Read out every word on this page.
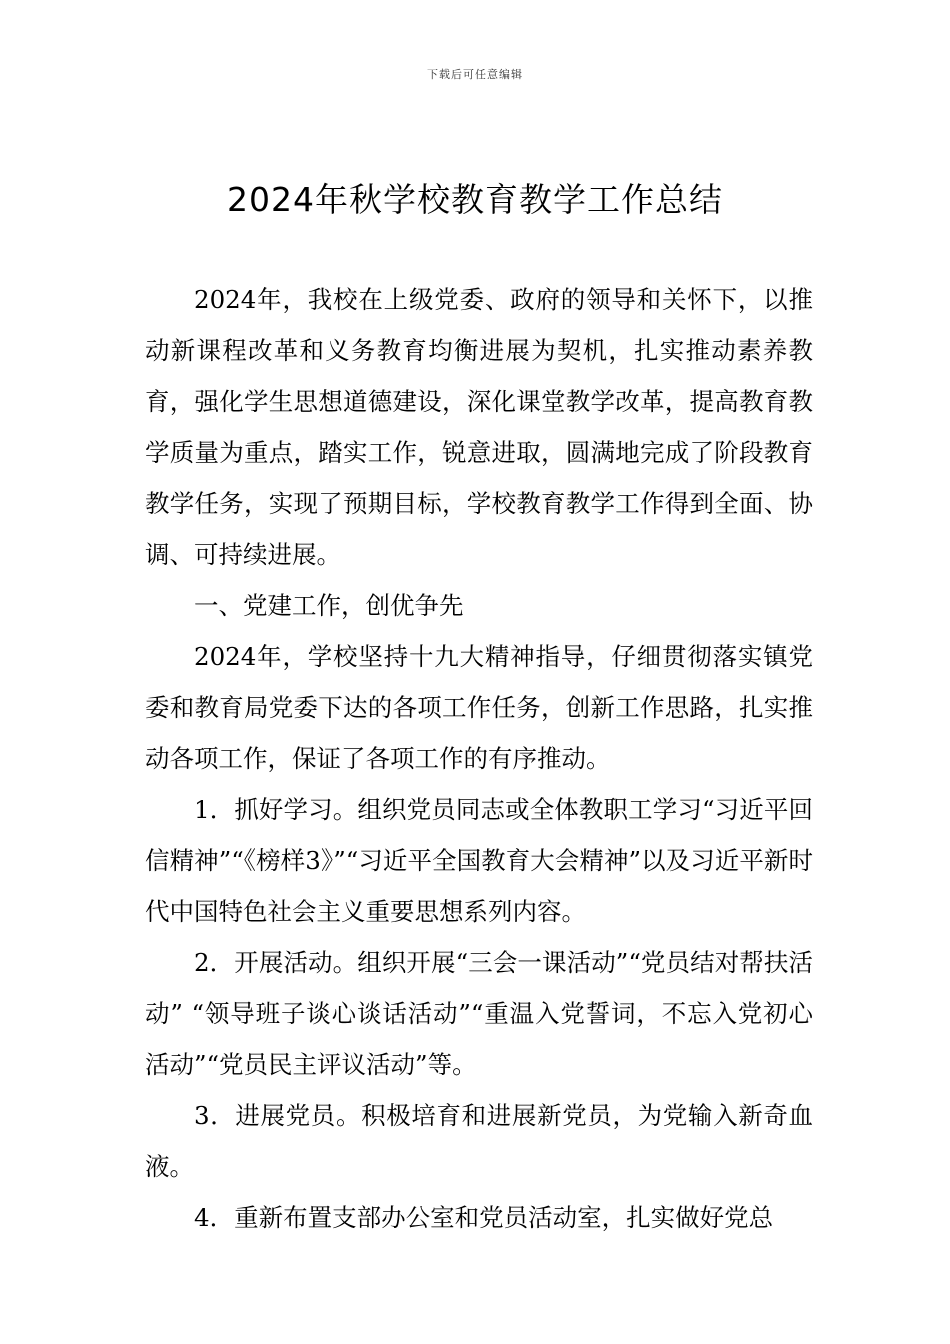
下载后可任意编辑
2024年秋学校教育教学工作总结

2024年，我校在上级党委、政府的领导和关怀下，以推动新课程改革和义务教育均衡进展为契机，扎实推动素养教育，强化学生思想道德建设，深化课堂教学改革，提高教育教学质量为重点，踏实工作，锐意进取，圆满地完成了阶段教育教学任务，实现了预期目标，学校教育教学工作得到全面、协调、可持续进展。

一、党建工作，创优争先

2024年，学校坚持十九大精神指导，仔细贯彻落实镇党委和教育局党委下达的各项工作任务，创新工作思路，扎实推动各项工作，保证了各项工作的有序推动。

1．抓好学习。组织党员同志或全体教职工学习“习近平回信精神”“《榜样3》”“习近平全国教育大会精神”以及习近平新时代中国特色社会主义重要思想系列内容。

2．开展活动。组织开展“三会一课活动”“党员结对帮扶活动” “领导班子谈心谈话活动”“重温入党誓词，不忘入党初心活动”“党员民主评议活动”等。

3．进展党员。积极培育和进展新党员，为党输入新奇血液。

4．重新布置支部办公室和党员活动室，扎实做好党总
